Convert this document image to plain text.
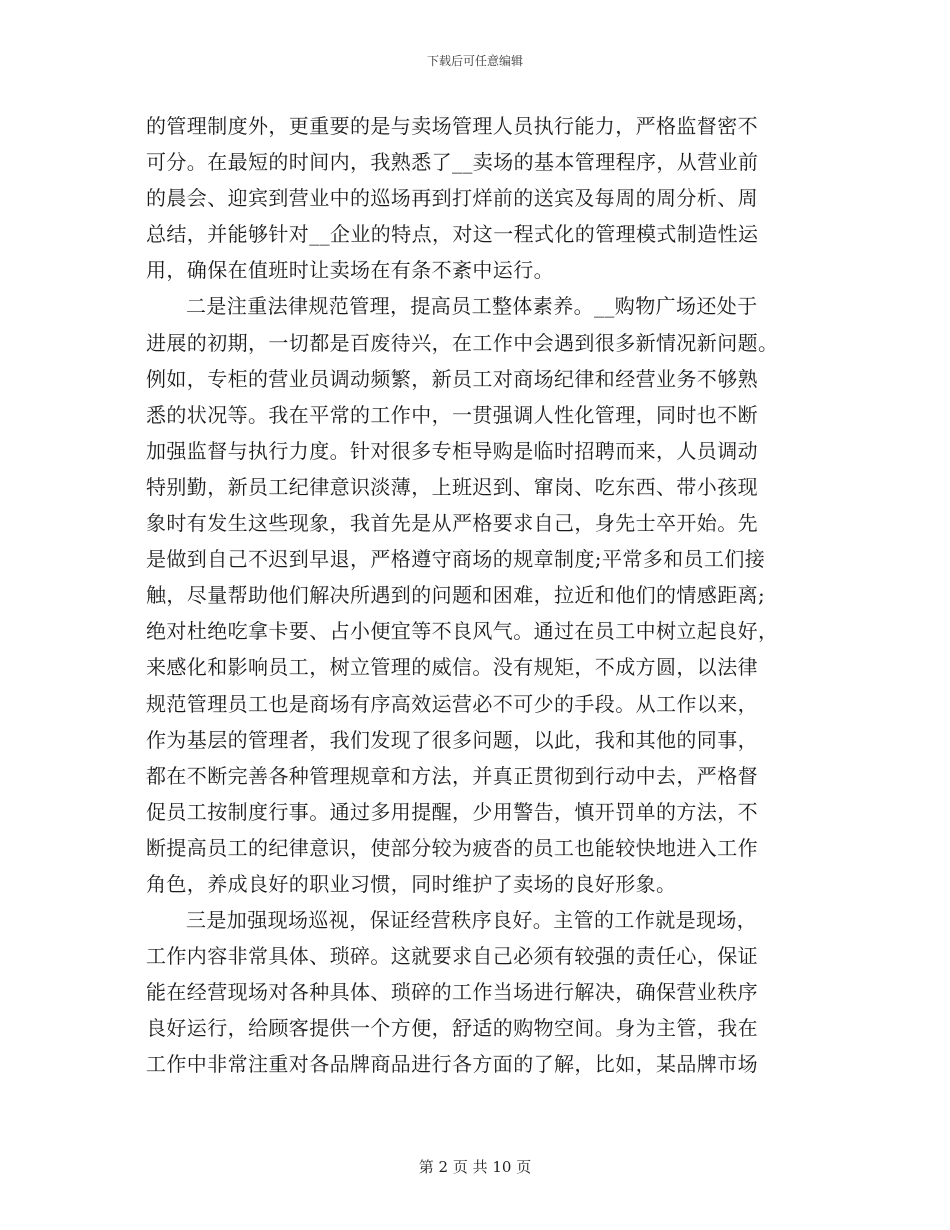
下载后可任意编辑
的管理制度外，更重要的是与卖场管理人员执行能力，严格监督密不
可分。在最短的时间内，我熟悉了__卖场的基本管理程序，从营业前
的晨会、迎宾到营业中的巡场再到打烊前的送宾及每周的周分析、周
总结，并能够针对__企业的特点，对这一程式化的管理模式制造性运
用，确保在值班时让卖场在有条不紊中运行。
二是注重法律规范管理，提高员工整体素养。__购物广场还处于
进展的初期，一切都是百废待兴，在工作中会遇到很多新情况新问题。
例如，专柜的营业员调动频繁，新员工对商场纪律和经营业务不够熟
悉的状况等。我在平常的工作中，一贯强调人性化管理，同时也不断
加强监督与执行力度。针对很多专柜导购是临时招聘而来，人员调动
特别勤，新员工纪律意识淡薄，上班迟到、窜岗、吃东西、带小孩现
象时有发生这些现象，我首先是从严格要求自己，身先士卒开始。先
是做到自己不迟到早退，严格遵守商场的规章制度;平常多和员工们接
触，尽量帮助他们解决所遇到的问题和困难，拉近和他们的情感距离;
绝对杜绝吃拿卡要、占小便宜等不良风气。通过在员工中树立起良好，
来感化和影响员工，树立管理的威信。没有规矩，不成方圆，以法律
规范管理员工也是商场有序高效运营必不可少的手段。从工作以来，
作为基层的管理者，我们发现了很多问题，以此，我和其他的同事，
都在不断完善各种管理规章和方法，并真正贯彻到行动中去，严格督
促员工按制度行事。通过多用提醒，少用警告，慎开罚单的方法，不
断提高员工的纪律意识，使部分较为疲沓的员工也能较快地进入工作
角色，养成良好的职业习惯，同时维护了卖场的良好形象。
三是加强现场巡视，保证经营秩序良好。主管的工作就是现场，
工作内容非常具体、琐碎。这就要求自己必须有较强的责任心，保证
能在经营现场对各种具体、琐碎的工作当场进行解决，确保营业秩序
良好运行，给顾客提供一个方便，舒适的购物空间。身为主管，我在
工作中非常注重对各品牌商品进行各方面的了解，比如，某品牌市场
第 2 页 共 10 页
